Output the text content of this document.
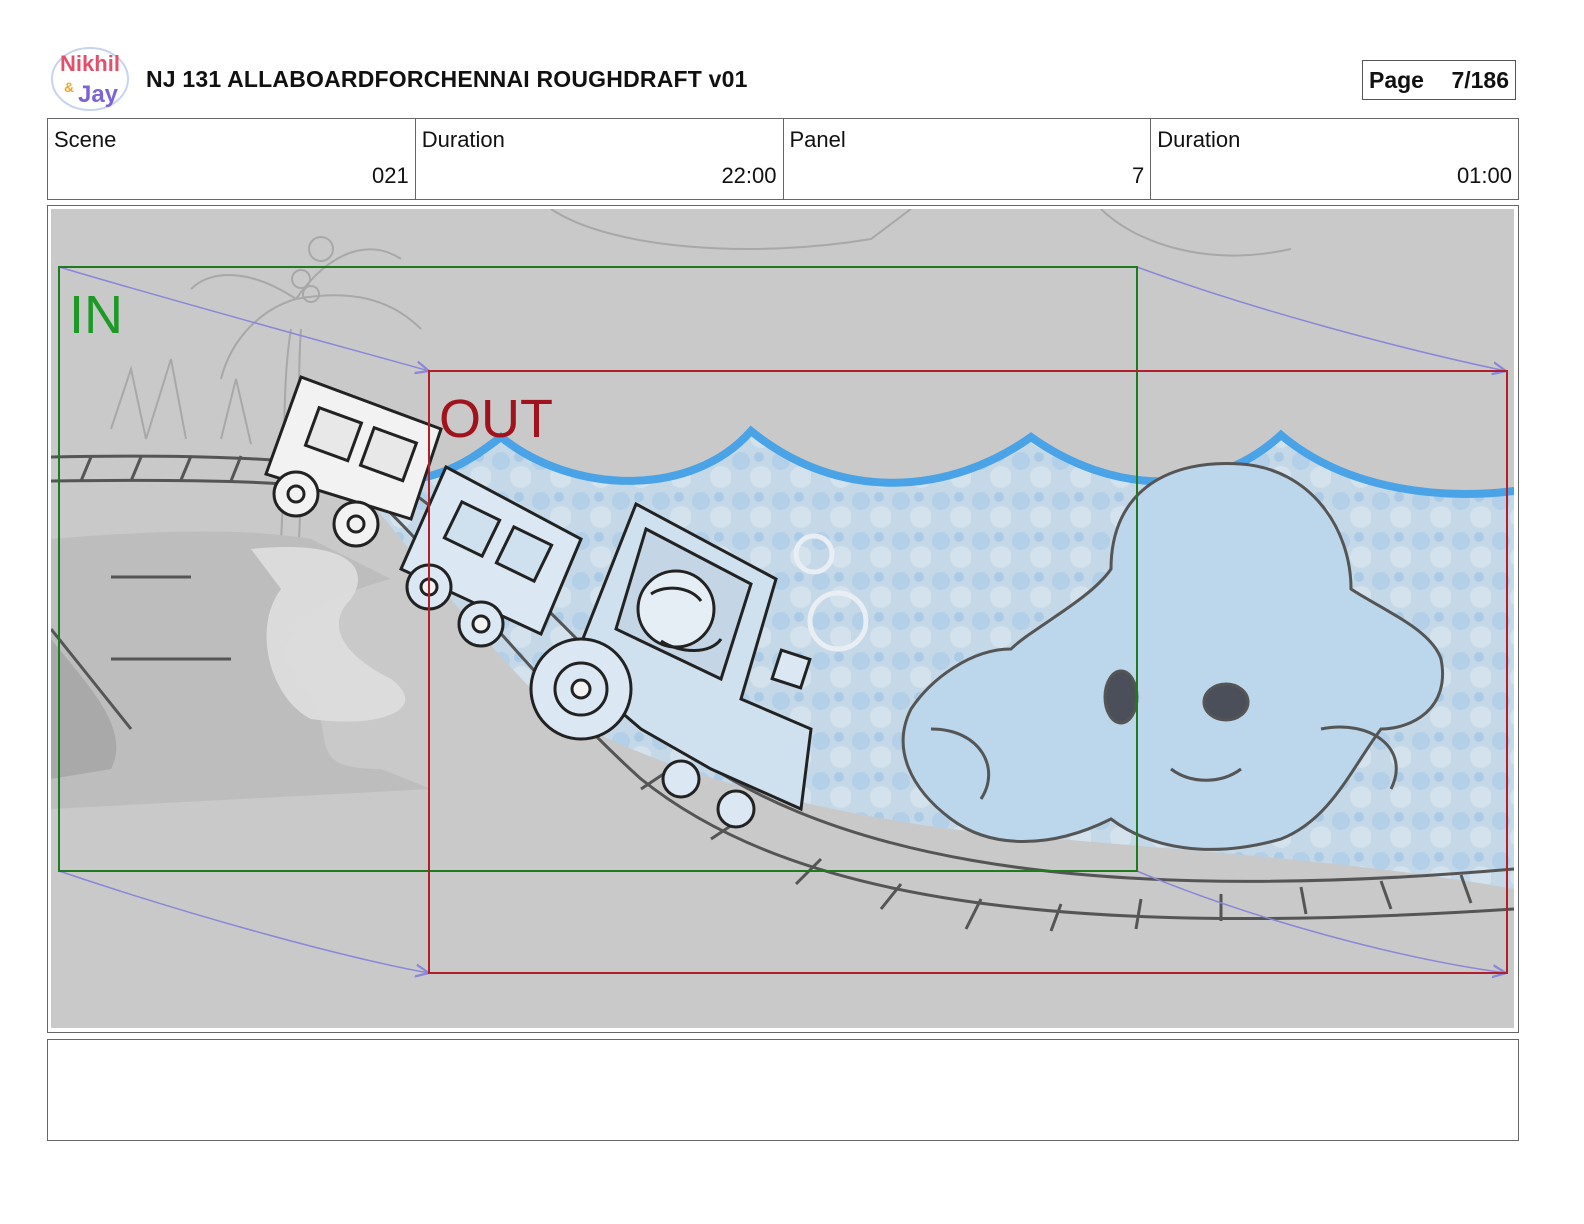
Nikhil
& Jay
NJ 131 ALLABOARDFORCHENNAI ROUGHDRAFT v01	Page 7/186
Scene
021
Duration
22:00
Panel
7
Duration
01:00
IN
OUT
